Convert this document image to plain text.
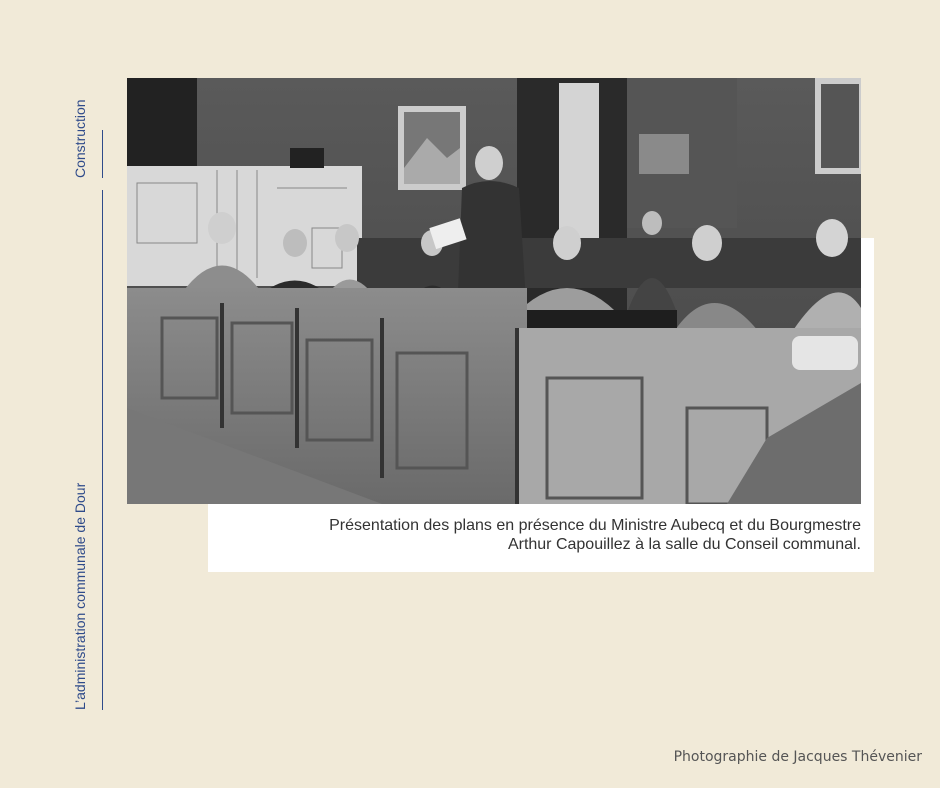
Construction
L’administration communale de Dour	Présentation des plans en présence du Ministre Aubecq et du Bourgmestre
Arthur Capouillez à la salle du Conseil communal.
Photographie de Jacques Thévenier
